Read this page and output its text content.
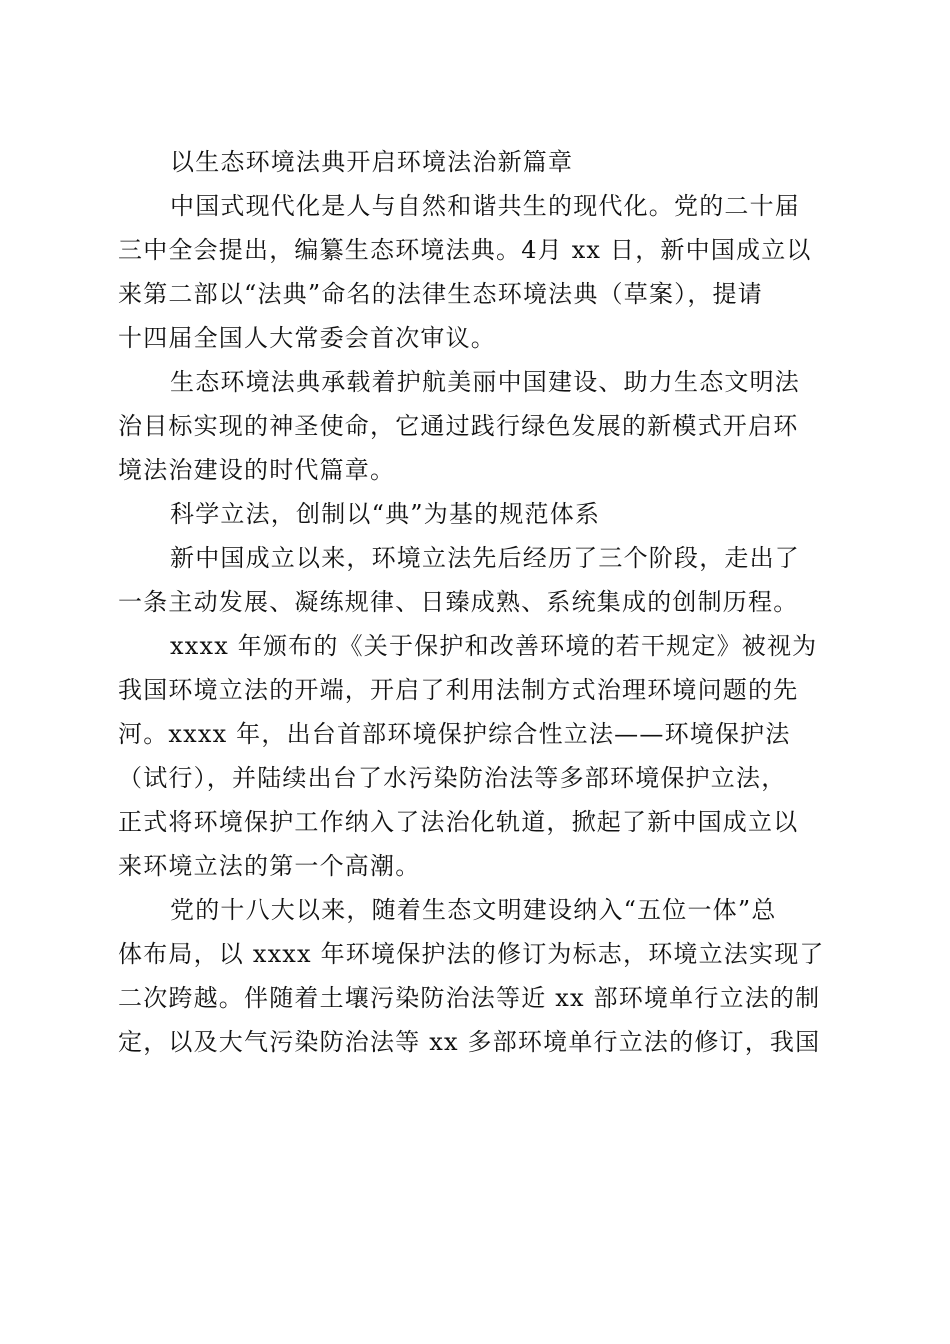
以生态环境法典开启环境法治新篇章

中国式现代化是人与自然和谐共生的现代化。党的二十届
三中全会提出，编纂生态环境法典。4月 xx 日，新中国成立以
来第二部以“法典”命名的法律生态环境法典（草案），提请
十四届全国人大常委会首次审议。

生态环境法典承载着护航美丽中国建设、助力生态文明法
治目标实现的神圣使命，它通过践行绿色发展的新模式开启环
境法治建设的时代篇章。

科学立法，创制以“典”为基的规范体系

新中国成立以来，环境立法先后经历了三个阶段，走出了
一条主动发展、凝练规律、日臻成熟、系统集成的创制历程。

xxxx 年颁布的《关于保护和改善环境的若干规定》被视为
我国环境立法的开端，开启了利用法制方式治理环境问题的先
河。xxxx 年，出台首部环境保护综合性立法——环境保护法
（试行），并陆续出台了水污染防治法等多部环境保护立法，
正式将环境保护工作纳入了法治化轨道，掀起了新中国成立以
来环境立法的第一个高潮。

党的十八大以来，随着生态文明建设纳入“五位一体”总
体布局，以 xxxx 年环境保护法的修订为标志，环境立法实现了
二次跨越。伴随着土壤污染防治法等近 xx 部环境单行立法的制
定，以及大气污染防治法等 xx 多部环境单行立法的修订，我国
